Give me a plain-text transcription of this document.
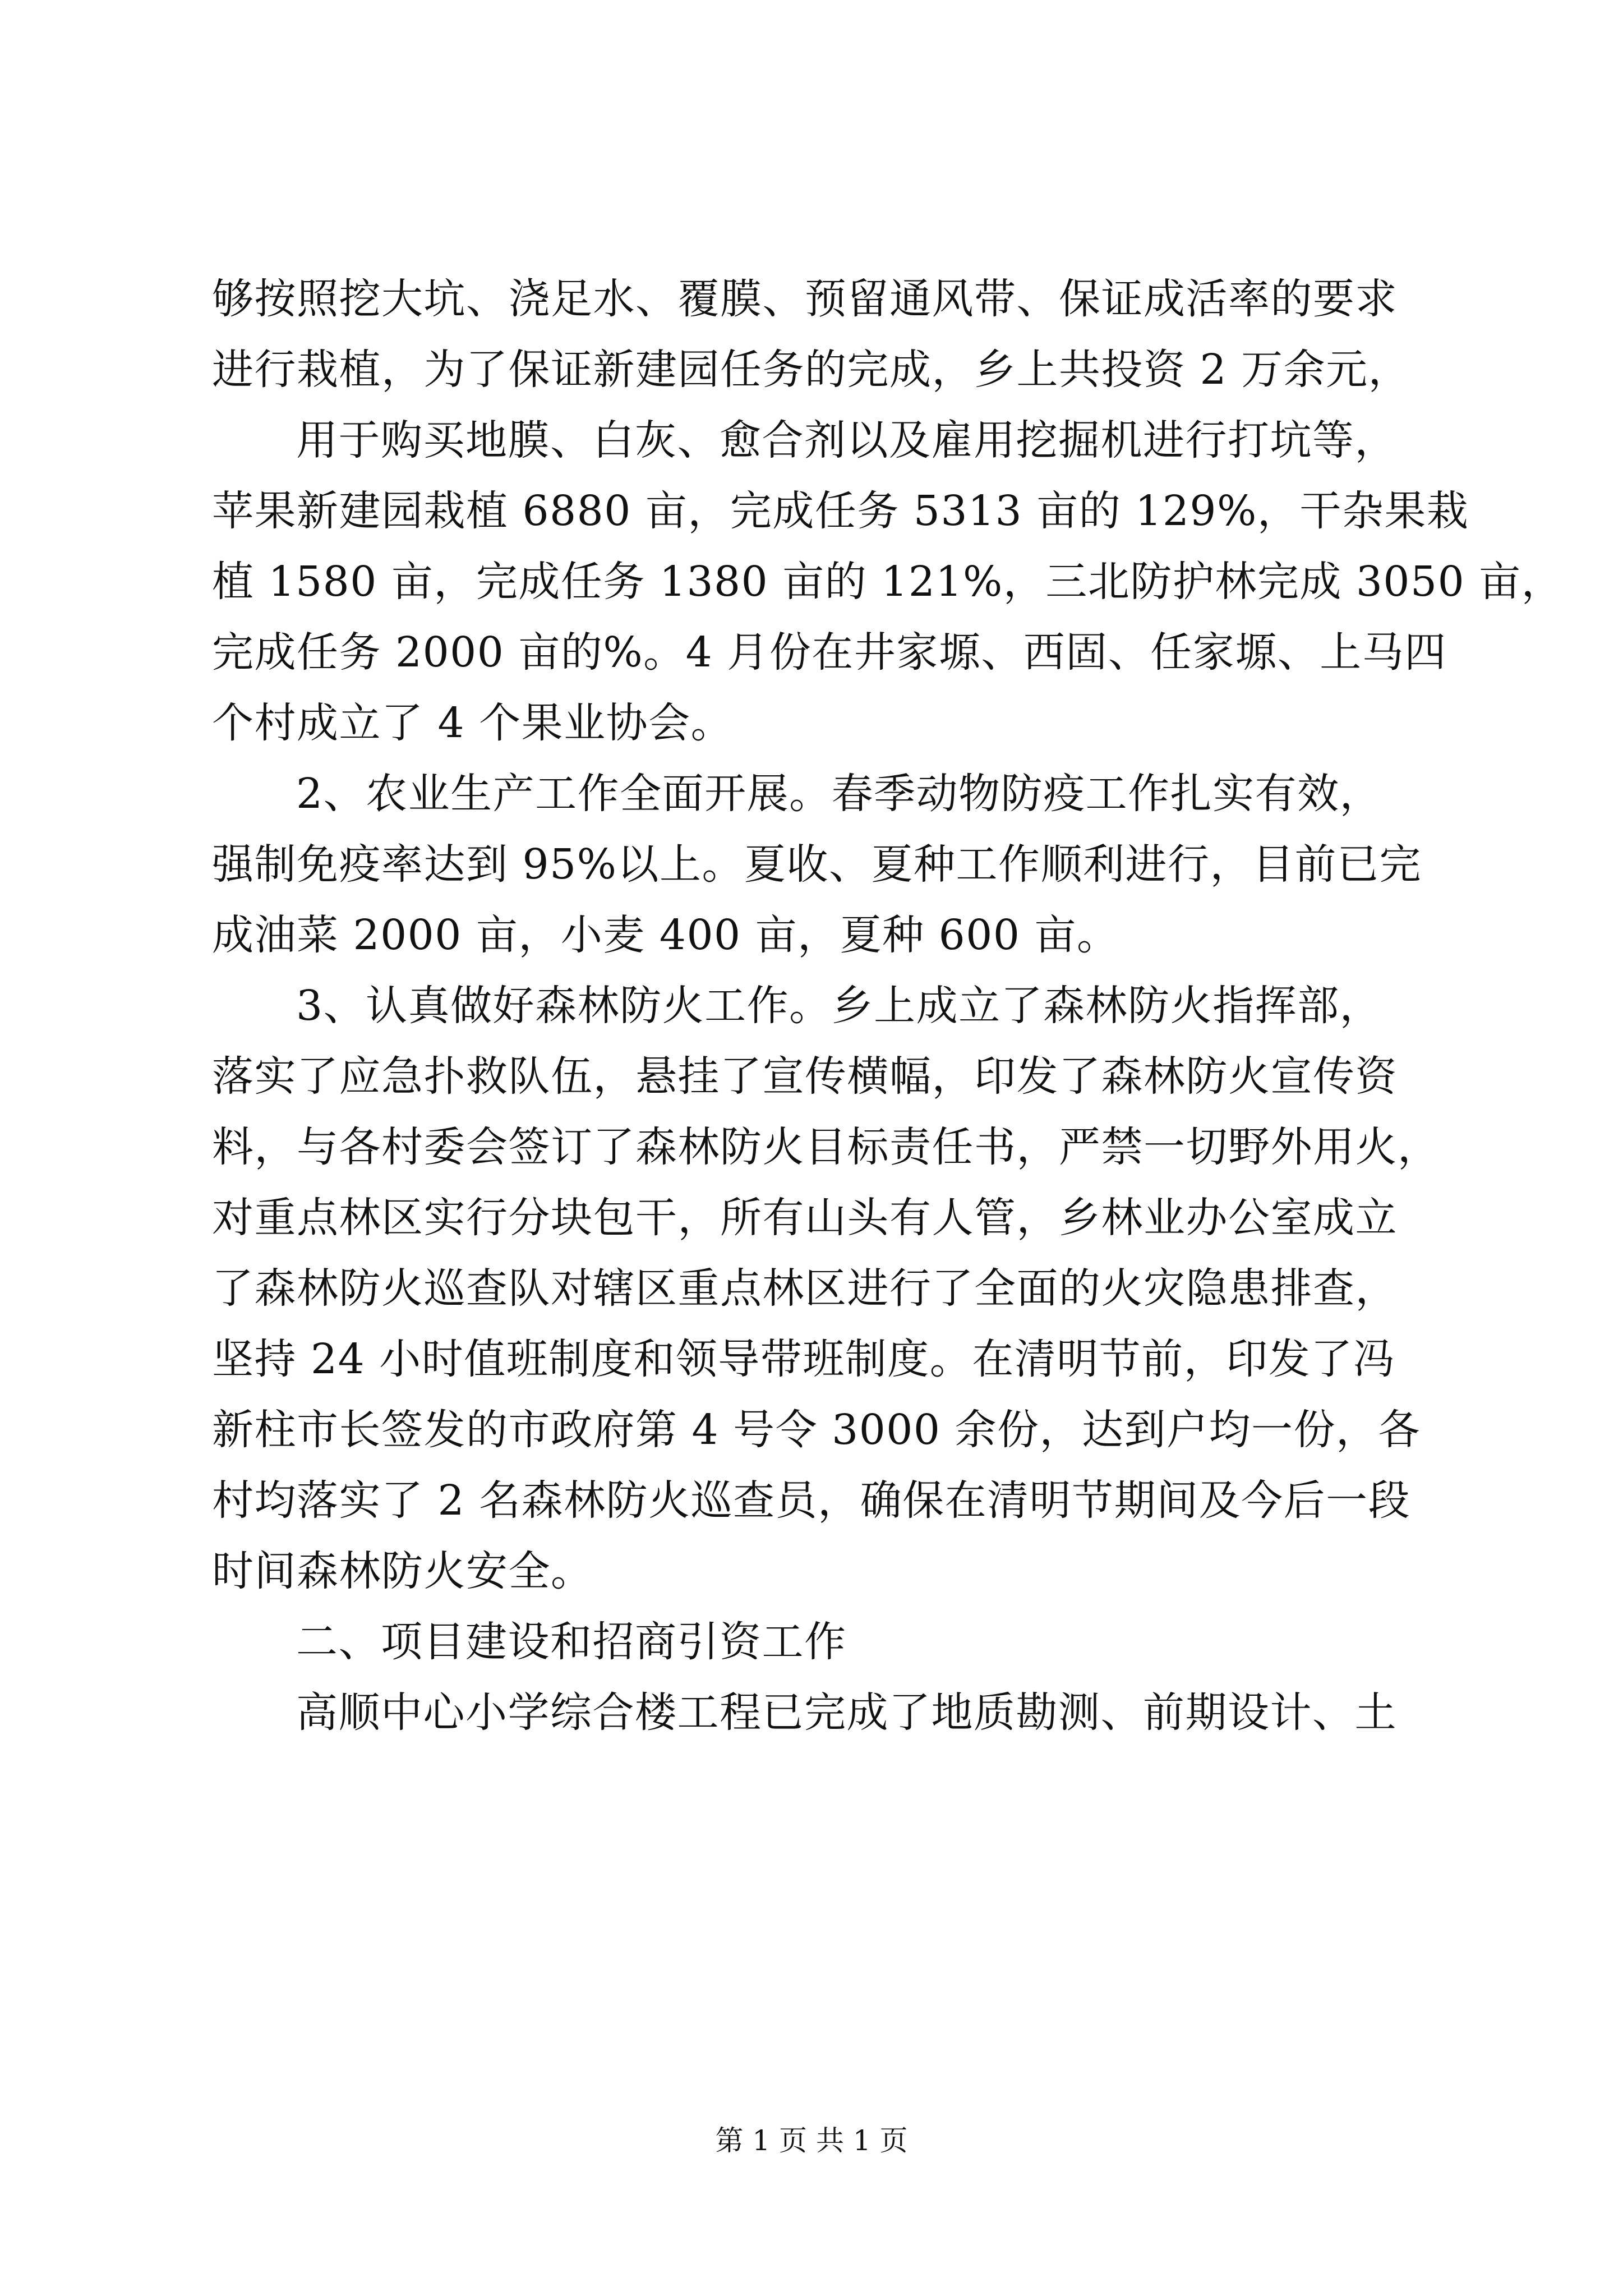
够按照挖大坑、浇足水、覆膜、预留通风带、保证成活率的要求
进行栽植，为了保证新建园任务的完成，乡上共投资 2 万余元，
用于购买地膜、白灰、愈合剂以及雇用挖掘机进行打坑等，
苹果新建园栽植 6880 亩，完成任务 5313 亩的 129%，干杂果栽
植 1580 亩，完成任务 1380 亩的 121%，三北防护林完成 3050 亩，
完成任务 2000 亩的%。4 月份在井家塬、西固、任家塬、上马四
个村成立了 4 个果业协会。
2、农业生产工作全面开展。春季动物防疫工作扎实有效，
强制免疫率达到 95%以上。夏收、夏种工作顺利进行，目前已完
成油菜 2000 亩，小麦 400 亩，夏种 600 亩。
3、认真做好森林防火工作。乡上成立了森林防火指挥部，
落实了应急扑救队伍，悬挂了宣传横幅，印发了森林防火宣传资
料，与各村委会签订了森林防火目标责任书，严禁一切野外用火，
对重点林区实行分块包干，所有山头有人管，乡林业办公室成立
了森林防火巡查队对辖区重点林区进行了全面的火灾隐患排查，
坚持 24 小时值班制度和领导带班制度。在清明节前，印发了冯
新柱市长签发的市政府第 4 号令 3000 余份，达到户均一份，各
村均落实了 2 名森林防火巡查员，确保在清明节期间及今后一段
时间森林防火安全。
二、项目建设和招商引资工作
高顺中心小学综合楼工程已完成了地质勘测、前期设计、土
第 1 页 共 1 页
